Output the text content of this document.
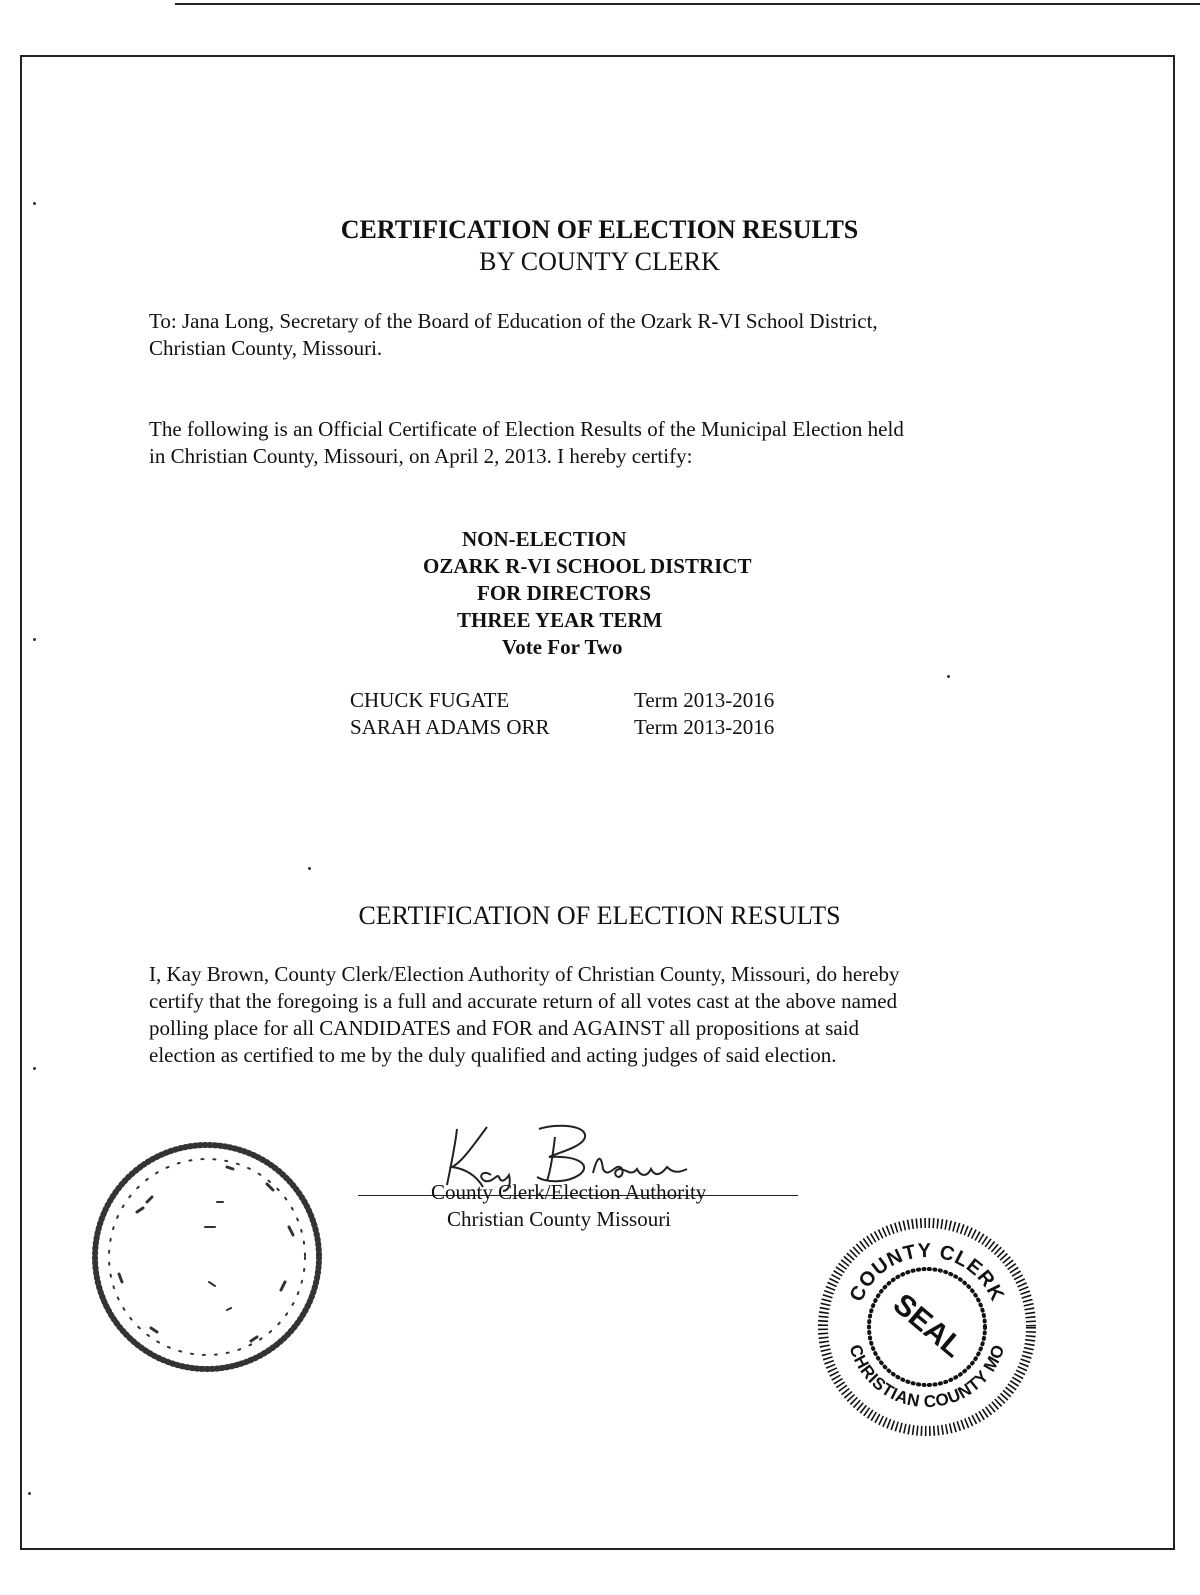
CERTIFICATION OF ELECTION RESULTS
BY COUNTY CLERK
To: Jana Long, Secretary of the Board of Education of the Ozark R-VI School District,
Christian County, Missouri.
The following is an Official Certificate of Election Results of the Municipal Election held
in Christian County, Missouri, on April 2, 2013. I hereby certify:
NON-ELECTION
OZARK R-VI SCHOOL DISTRICT
FOR DIRECTORS
THREE YEAR TERM
Vote For Two
CHUCK FUGATE	Term 2013-2016
SARAH ADAMS ORR	Term 2013-2016
CERTIFICATION OF ELECTION RESULTS
I, Kay Brown, County Clerk/Election Authority of Christian County, Missouri, do hereby
certify that the foregoing is a full and accurate return of all votes cast at the above named
polling place for all CANDIDATES and FOR and AGAINST all propositions at said
election as certified to me by the duly qualified and acting judges of said election.
County Clerk/Election Authority
Christian County Missouri
COUNTY CLERK
CHRISTIAN COUNTY MO
SEAL
